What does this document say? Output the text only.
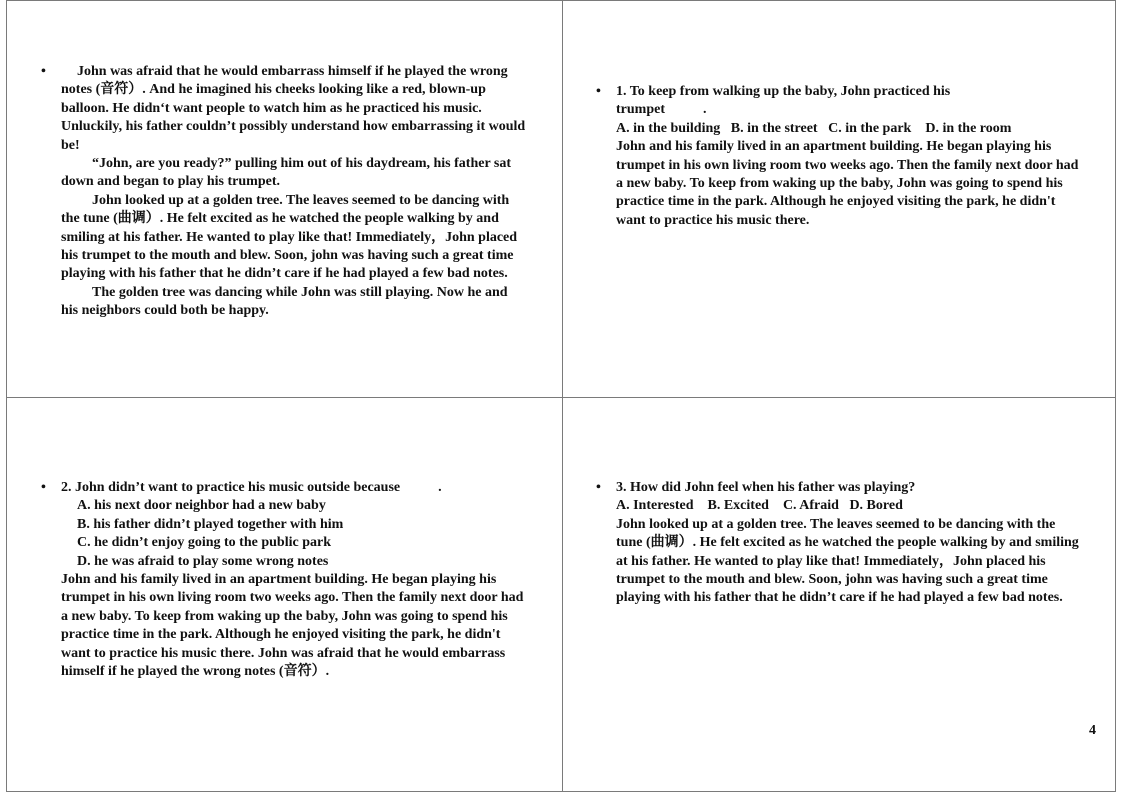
•	John was afraid that he would embarrass himself if he played the wrong notes (音符）. And he imagined his cheeks looking like a red, blown-up balloon. He didn‘t want people to watch him as he practiced his music. Unluckily, his father couldn’t possibly understand how embarrassing it would be!

“John, are you ready?” pulling him out of his daydream, his father sat down and began to play his trumpet.

John looked up at a golden tree. The leaves seemed to be dancing with the tune (曲调）. He felt excited as he watched the people walking by and smiling at his father. He wanted to play like that! Immediately，John placed his trumpet to the mouth and blew. Soon, john was having such a great time playing with his father that he didn’t care if he had played a few bad notes.

The golden tree was dancing while John was still playing. Now he and his neighbors could both be happy.

• 1. To keep from walking up the baby, John practiced his
trumpet	.

A. in the building   B. in the street   C. in the park    D. in the room

John and his family lived in an apartment building. He began playing his trumpet in his own living room two weeks ago. Then the family next door had a new baby. To keep from waking up the baby, John was going to spend his practice time in the park. Although he enjoyed visiting the park, he didn't want to practice his music there.

• 2. John didn’t want to practice his music outside because	.

A. his next door neighbor had a new baby

B. his father didn’t played together with him

C. he didn’t enjoy going to the public park

D. he was afraid to play some wrong notes

John and his family lived in an apartment building. He began playing his trumpet in his own living room two weeks ago. Then the family next door had a new baby. To keep from waking up the baby, John was going to spend his practice time in the park. Although he enjoyed visiting the park, he didn't want to practice his music there. John was afraid that he would embarrass himself if he played the wrong notes (音符）.

• 3. How did John feel when his father was playing?

A. Interested    B. Excited    C. Afraid   D. Bored

John looked up at a golden tree. The leaves seemed to be dancing with the tune (曲调）. He felt excited as he watched the people walking by and smiling at his father. He wanted to play like that! Immediately，John placed his trumpet to the mouth and blew. Soon, john was having such a great time playing with his father that he didn’t care if he had played a few bad notes.

4
